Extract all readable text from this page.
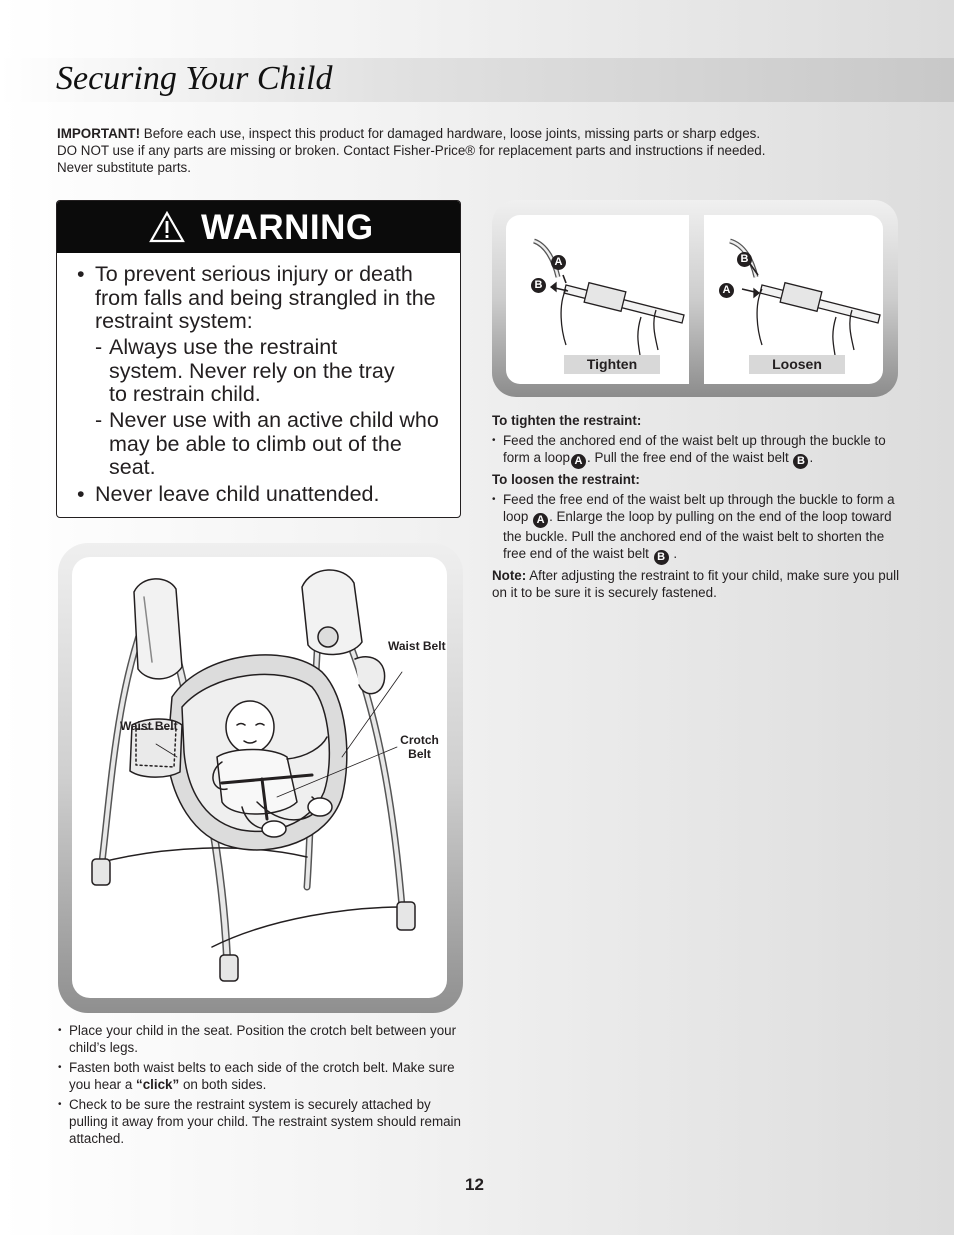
Securing Your Child
IMPORTANT! Before each use, inspect this product for damaged hardware, loose joints, missing parts or sharp edges.
DO NOT use if any parts are missing or broken. Contact Fisher-Price® for replacement parts and instructions if needed.
Never substitute parts.
WARNING
• To prevent serious injury or death from falls and being strangled in the restraint system:
- Always use the restraint system. Never rely on the tray to restrain child.
- Never use with an active child who may be able to climb out of the seat.
• Never leave child unattended.
Waist Belt
Waist Belt
Crotch Belt
A
B
Tighten
B
A
Loosen

To tighten the restraint:

• Feed the anchored end of the waist belt up through the buckle to form a loop A . Pull the free end of the waist belt B .

To loosen the restraint:

• Feed the free end of the waist belt up through the buckle to form a loop A . Enlarge the loop by pulling on the end of the loop toward the buckle. Pull the anchored end of the waist belt to shorten the free end of the waist belt B .
Note: After adjusting the restraint to fit your child, make sure you pull on it to be sure it is securely fastened.
• Place your child in the seat. Position the crotch belt between your child’s legs.
• Fasten both waist belts to each side of the crotch belt. Make sure you hear a “click” on both sides.
• Check to be sure the restraint system is securely attached by pulling it away from your child. The restraint system should remain attached.
12
